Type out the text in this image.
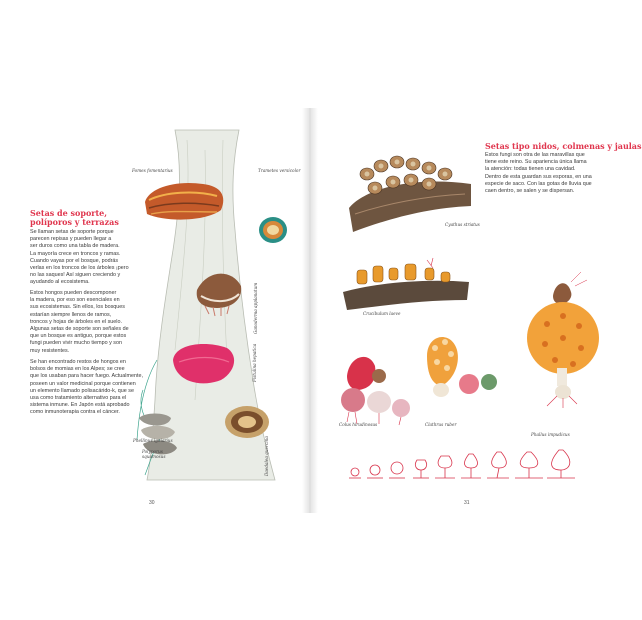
Setas de soporte,
políporos y terrazas
Se llaman setas de soporte porque
parecen repisas y pueden llegar a
ser duros como una tabla de madera.
La mayoría crece en troncos y ramas.
Cuando vayas por el bosque, podrás
verlas en los troncos de los árboles ¡pero
no las saques! Así siguen creciendo y
ayudando al ecosistema.
Estos hongos pueden descomponer
la madera, por eso son esenciales en
sus ecosistemas. Sin ellos, los bosques
estarían siempre llenos de ramos,
troncos y hojas de árboles en el suelo.
Algunas setas de soporte son señales de
que un bosque es antiguo, porque estos
fungi pueden vivir mucho tiempo y son
muy resistentes.
Se han encontrado restos de hongos en
bolsos de momias en los Alpes; se cree
que los usaban para hacer fuego. Actualmente,
poseen un valor medicinal porque contienen
un elemento llamado polisacárido-k, que se
usa como tratamiento alternativo para el
sistema inmune. En Japón está aprobado
como inmunoterapia contra el cáncer.
Fomes fomentarius	Trametes versicolor
Ganoderma applanatum
Fistulina hepatica
Daedalea quercina
Phellinus igniarius
Polyporus squamosus
30
Setas tipo nidos, colmenas y jaulas
Estos fungi son otra de las maravillas que
tiene este reino. Su apariencia única llama
la atención: todas tienen una cavidad.
Dentro de esta guardan sus esporas, en una
especie de saco. Con las gotas de lluvia que
caen dentro, se salen y se dispersan.
Cyathus striatus
Crucibulum laeve
Colus hirudinosus	Clathrus ruber
Phallus impudicus
31
